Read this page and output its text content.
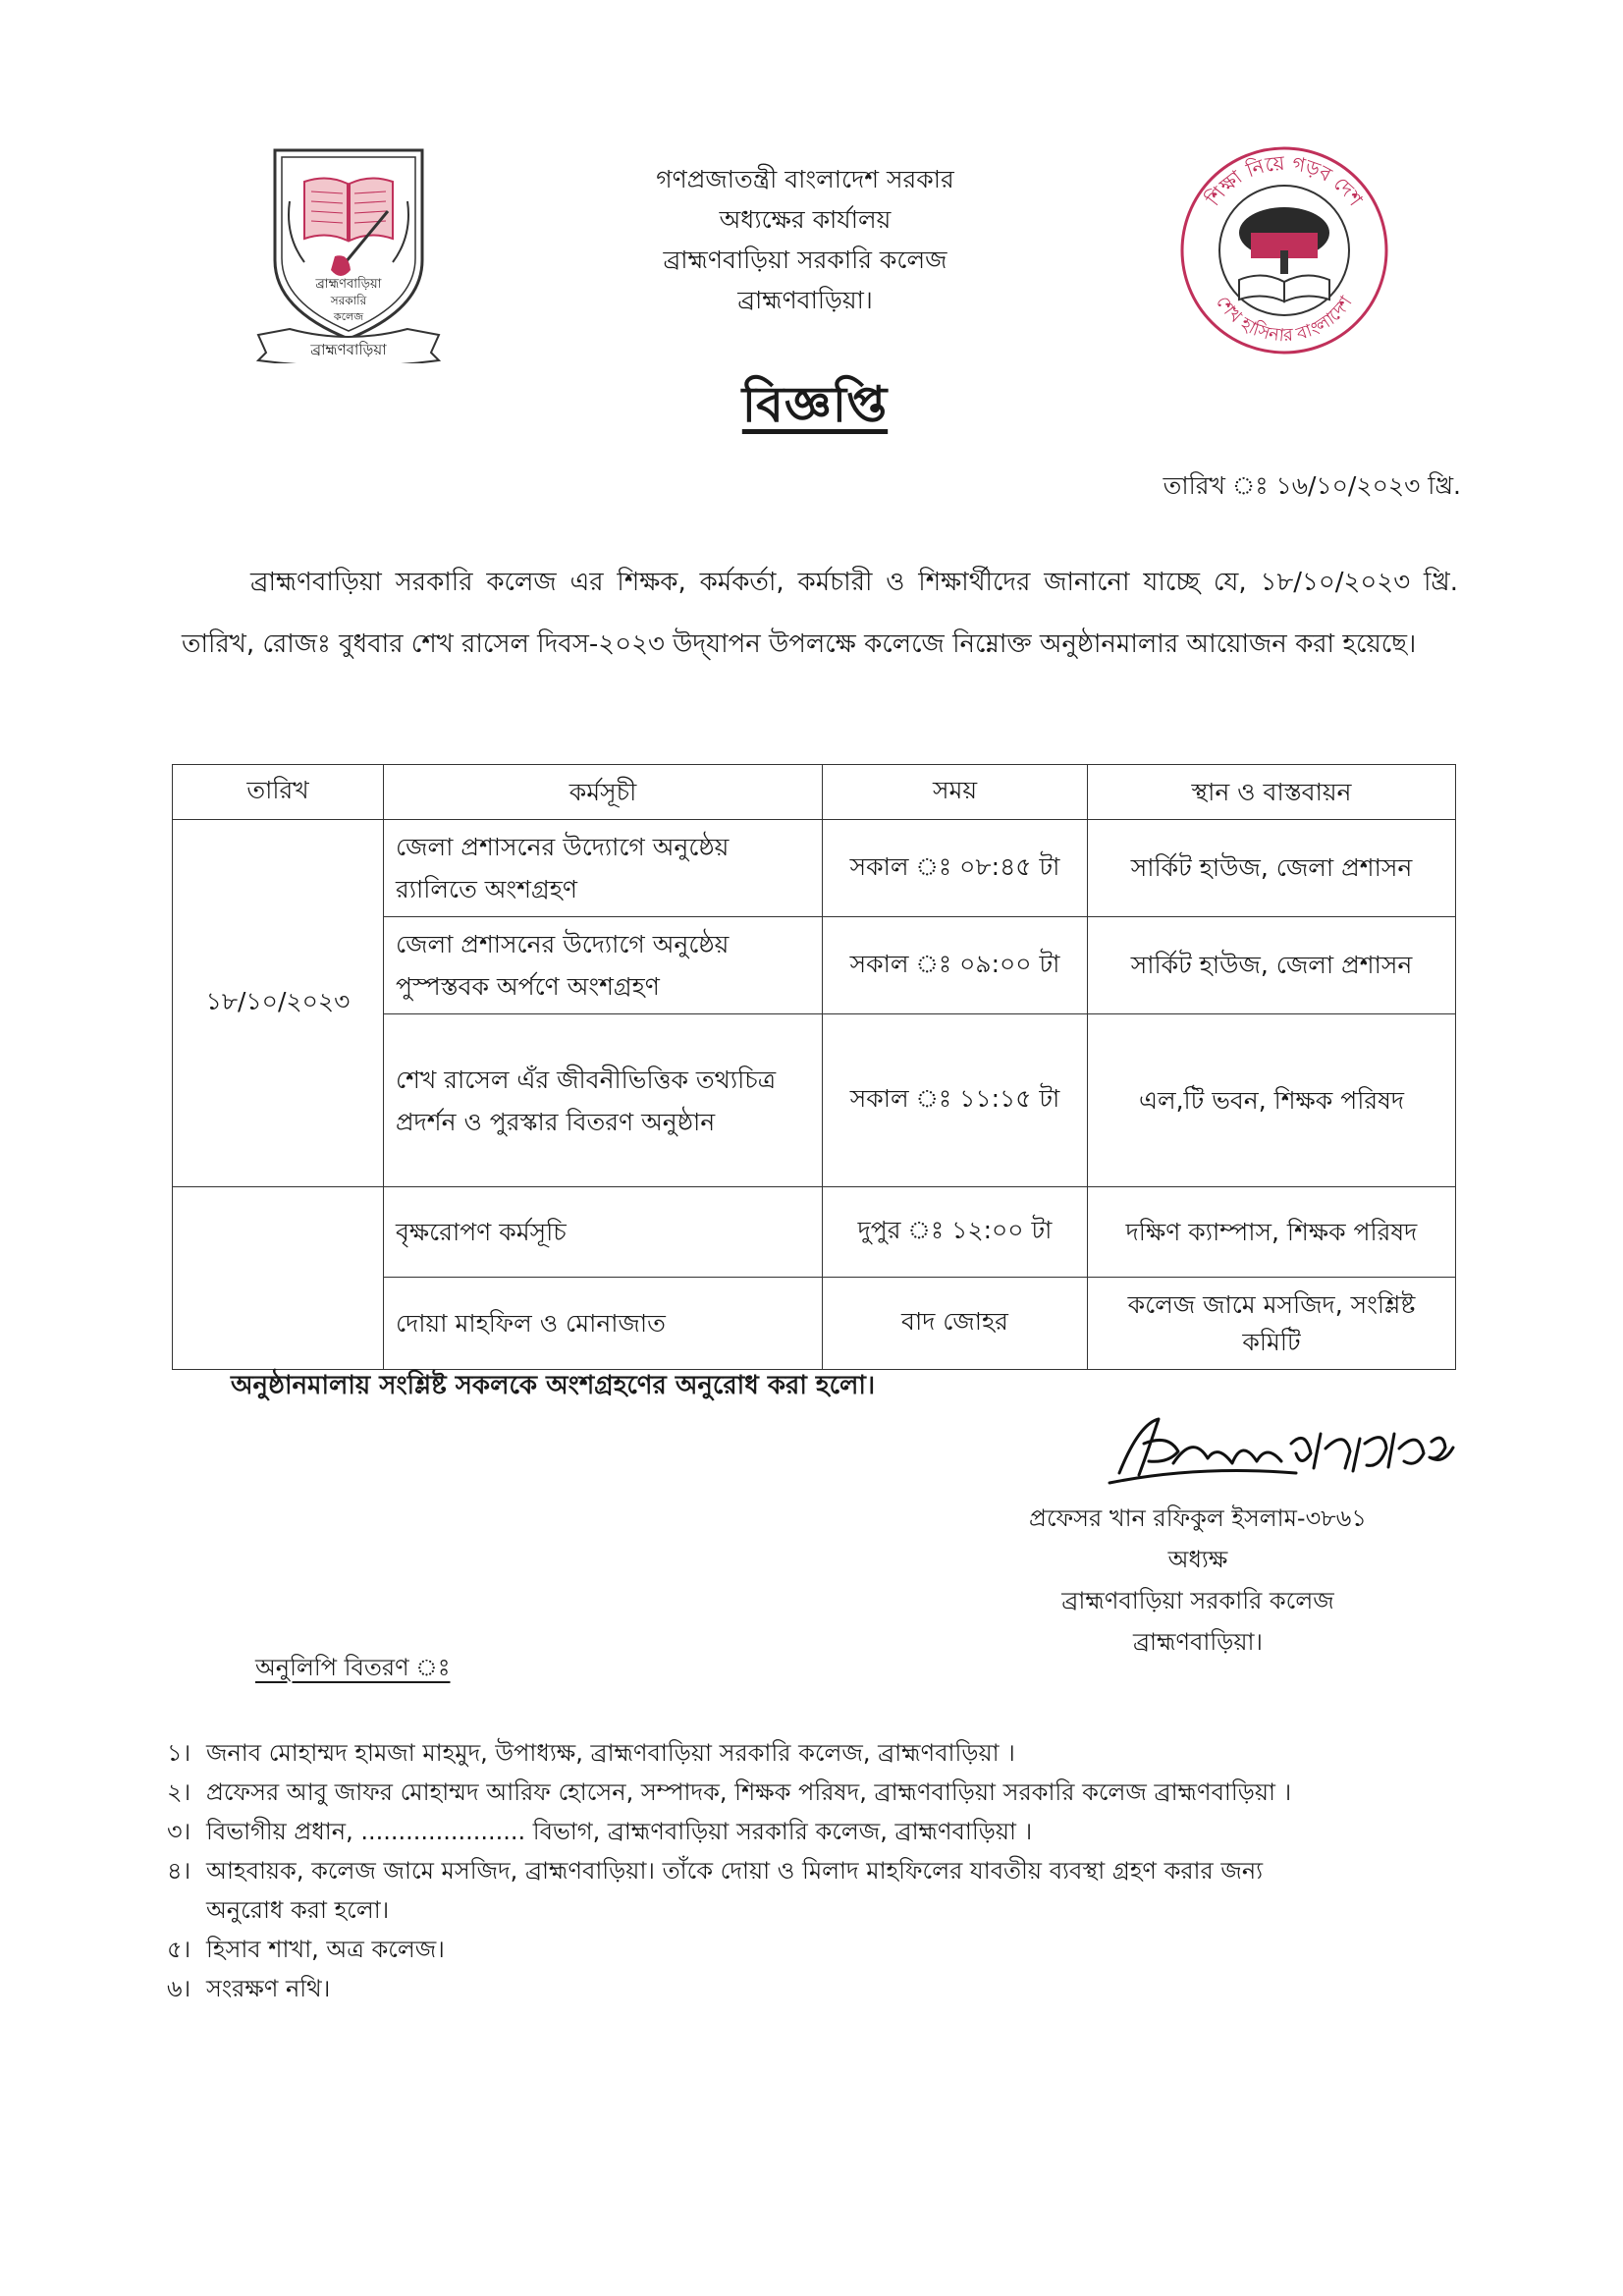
ব্রাহ্মণবাড়িয়া
সরকারি
কলেজ
ব্রাহ্মণবাড়িয়া
শিক্ষা নিয়ে গড়ব দেশ
শেখ হাসিনার বাংলাদেশ
গণপ্রজাতন্ত্রী বাংলাদেশ সরকার
অধ্যক্ষের কার্যালয়
ব্রাহ্মণবাড়িয়া সরকারি কলেজ
ব্রাহ্মণবাড়িয়া।
বিজ্ঞপ্তি
তারিখ ঃ ১৬/১০/২০২৩ খ্রি.
ব্রাহ্মণবাড়িয়া সরকারি কলেজ এর শিক্ষক, কর্মকর্তা, কর্মচারী ও শিক্ষার্থীদের জানানো যাচ্ছে যে, ১৮/১০/২০২৩ খ্রি. তারিখ, রোজঃ বুধবার শেখ রাসেল দিবস-২০২৩ উদ্‌যাপন উপলক্ষে কলেজে নিম্নোক্ত অনুষ্ঠানমালার আয়োজন করা হয়েছে।
তারিখ	কর্মসূচী	সময়	স্থান ও বাস্তবায়ন
১৮/১০/২০২৩	জেলা প্রশাসনের উদ্যোগে অনুষ্ঠেয় র‍্যালিতে অংশগ্রহণ	সকাল ঃ ০৮:৪৫ টা	সার্কিট হাউজ, জেলা প্রশাসন
	জেলা প্রশাসনের উদ্যোগে অনুষ্ঠেয় পুস্পস্তবক অর্পণে অংশগ্রহণ	সকাল ঃ ০৯:০০ টা	সার্কিট হাউজ, জেলা প্রশাসন
	শেখ রাসেল এঁর জীবনীভিত্তিক তথ্যচিত্র প্রদর্শন ও পুরস্কার বিতরণ অনুষ্ঠান	সকাল ঃ ১১:১৫ টা	এল,টি ভবন, শিক্ষক পরিষদ
	বৃক্ষরোপণ কর্মসূচি	দুপুর ঃ ১২:০০ টা	দক্ষিণ ক্যাম্পাস, শিক্ষক পরিষদ
	দোয়া মাহফিল ও মোনাজাত	বাদ জোহর	কলেজ জামে মসজিদ, সংশ্লিষ্ট কমিটি
অনুষ্ঠানমালায় সংশ্লিষ্ট সকলকে অংশগ্রহণের অনুরোধ করা হলো।
প্রফেসর খান রফিকুল ইসলাম-৩৮৬১
অধ্যক্ষ
ব্রাহ্মণবাড়িয়া সরকারি কলেজ
ব্রাহ্মণবাড়িয়া।
অনুলিপি বিতরণ ঃ
১। জনাব মোহাম্মদ হামজা মাহমুদ, উপাধ্যক্ষ, ব্রাহ্মণবাড়িয়া সরকারি কলেজ, ব্রাহ্মণবাড়িয়া ।
২। প্রফেসর আবু জাফর মোহাম্মদ আরিফ হোসেন, সম্পাদক, শিক্ষক পরিষদ, ব্রাহ্মণবাড়িয়া সরকারি কলেজ ব্রাহ্মণবাড়িয়া ।
৩। বিভাগীয় প্রধান, ...................... বিভাগ, ব্রাহ্মণবাড়িয়া সরকারি কলেজ, ব্রাহ্মণবাড়িয়া ।
৪। আহবায়ক, কলেজ জামে মসজিদ, ব্রাহ্মণবাড়িয়া। তাঁকে দোয়া ও মিলাদ মাহফিলের যাবতীয় ব্যবস্থা গ্রহণ করার জন্য অনুরোধ করা হলো।
৫। হিসাব শাখা, অত্র কলেজ।
৬। সংরক্ষণ নথি।
